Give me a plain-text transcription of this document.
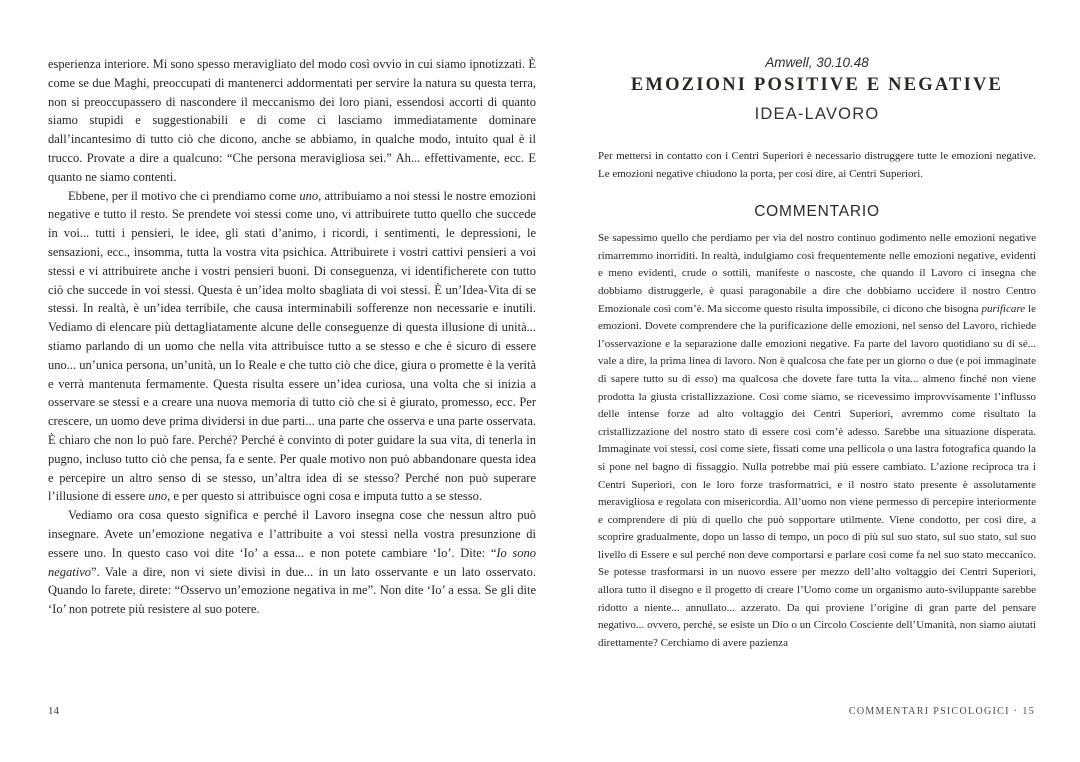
esperienza interiore. Mi sono spesso meravigliato del modo così ovvio in cui siamo ipnotizzati. È come se due Maghi, preoccupati di mantenerci addormentati per servire la natura su questa terra, non si preoccupassero di nascondere il meccanismo dei loro piani, essendosi accorti di quanto siamo stupidi e suggestionabili e di come ci lasciamo immediatamente dominare dall’incantesimo di tutto ciò che dicono, anche se abbiamo, in qualche modo, intuito qual è il trucco. Provate a dire a qualcuno: “Che persona meravigliosa sei.” Ah... effettivamente, ecc. E quanto ne siamo contenti.

Ebbene, per il motivo che ci prendiamo come uno, attribuiamo a noi stessi le nostre emozioni negative e tutto il resto. Se prendete voi stessi come uno, vi attribuirete tutto quello che succede in voi... tutti i pensieri, le idee, gli stati d’animo, i ricordi, i sentimenti, le depressioni, le sensazioni, ecc., insomma, tutta la vostra vita psichica. Attribuirete i vostri cattivi pensieri a voi stessi e vi attribuirete anche i vostri pensieri buoni. Di conseguenza, vi identificherete con tutto ciò che succede in voi stessi. Questa è un’idea molto sbagliata di voi stessi. È un’Idea-Vita di se stessi. In realtà, è un’idea terribile, che causa interminabili sofferenze non necessarie e inutili. Vediamo di elencare più dettagliatamente alcune delle conseguenze di questa illusione di unità... stiamo parlando di un uomo che nella vita attribuisce tutto a se stesso e che è sicuro di essere uno... un’unica persona, un’unità, un Io Reale e che tutto ciò che dice, giura o promette è la verità e verrà mantenuta fermamente. Questa risulta essere un’idea curiosa, una volta che si inizia a osservare se stessi e a creare una nuova memoria di tutto ciò che si è giurato, promesso, ecc. Per crescere, un uomo deve prima dividersi in due parti... una parte che osserva e una parte osservata. È chiaro che non lo può fare. Perché? Perché è convinto di poter guidare la sua vita, di tenerla in pugno, incluso tutto ciò che pensa, fa e sente. Per quale motivo non può abbandonare questa idea e percepire un altro senso di se stesso, un’altra idea di se stesso? Perché non può superare l’illusione di essere uno, e per questo si attribuisce ogni cosa e imputa tutto a se stesso.

Vediamo ora cosa questo significa e perché il Lavoro insegna cose che nessun altro può insegnare. Avete un’emozione negativa e l’attribuite a voi stessi nella vostra presunzione di essere uno. In questo caso voi dite ‘Io’ a essa... e non potete cambiare ‘Io’. Dite: “Io sono negativo”. Vale a dire, non vi siete divisi in due... in un lato osservante e un lato osservato. Quando lo farete, direte: “Osservo un’emozione negativa in me”. Non dite ‘Io’ a essa. Se gli dite ‘Io’ non potrete più resistere al suo potere.

Amwell, 30.10.48
EMOZIONI POSITIVE E NEGATIVE
IDEA-LAVORO

Per mettersi in contatto con i Centri Superiori è necessario distruggere tutte le emozioni negative. Le emozioni negative chiudono la porta, per così dire, ai Centri Superiori.

COMMENTARIO

Se sapessimo quello che perdiamo per via del nostro continuo godimento nelle emozioni negative rimarremmo inorriditi. In realtà, indulgiamo così frequentemente nelle emozioni negative, evidenti e meno evidenti, crude o sottili, manifeste o nascoste, che quando il Lavoro ci insegna che dobbiamo distruggerle, è quasi paragonabile a dire che dobbiamo uccidere il nostro Centro Emozionale così com’è. Ma siccome questo risulta impossibile, ci dicono che bisogna purificare le emozioni. Dovete comprendere che la purificazione delle emozioni, nel senso del Lavoro, richiede l’osservazione e la separazione dalle emozioni negative. Fa parte del lavoro quotidiano su di sé... vale a dire, la prima linea di lavoro. Non è qualcosa che fate per un giorno o due (e poi immaginate di sapere tutto su di esso) ma qualcosa che dovete fare tutta la vita... almeno finché non viene prodotta la giusta cristallizzazione. Così come siamo, se ricevessimo improvvisamente l’influsso delle intense forze ad alto voltaggio dei Centri Superiori, avremmo come risultato la cristallizzazione del nostro stato di essere così com’è adesso. Sarebbe una situazione disperata. Immaginate voi stessi, così come siete, fissati come una pellicola o una lastra fotografica quando la si pone nel bagno di fissaggio. Nulla potrebbe mai più essere cambiato. L’azione reciproca tra i Centri Superiori, con le loro forze trasformatrici, e il nostro stato presente è assolutamente meravigliosa e regolata con misericordia. All’uomo non viene permesso di percepire interiormente e comprendere di più di quello che può sopportare utilmente. Viene condotto, per così dire, a scoprire gradualmente, dopo un lasso di tempo, un poco di più sul suo stato, sul suo stato, sul suo livello di Essere e sul perché non deve comportarsi e parlare così come fa nel suo stato meccanico. Se potesse trasformarsi in un nuovo essere per mezzo dell’alto voltaggio dei Centri Superiori, allora tutto il disegno e il progetto di creare l’Uomo come un organismo auto-sviluppante sarebbe ridotto a niente... annullato... azzerato. Da qui proviene l’origine di gran parte del pensare negativo... ovvero, perché, se esiste un Dio o un Circolo Cosciente dell’Umanità, non siamo aiutati direttamente? Cerchiamo di avere pazienza

14	COMMENTARI PSICOLOGICI · 15
